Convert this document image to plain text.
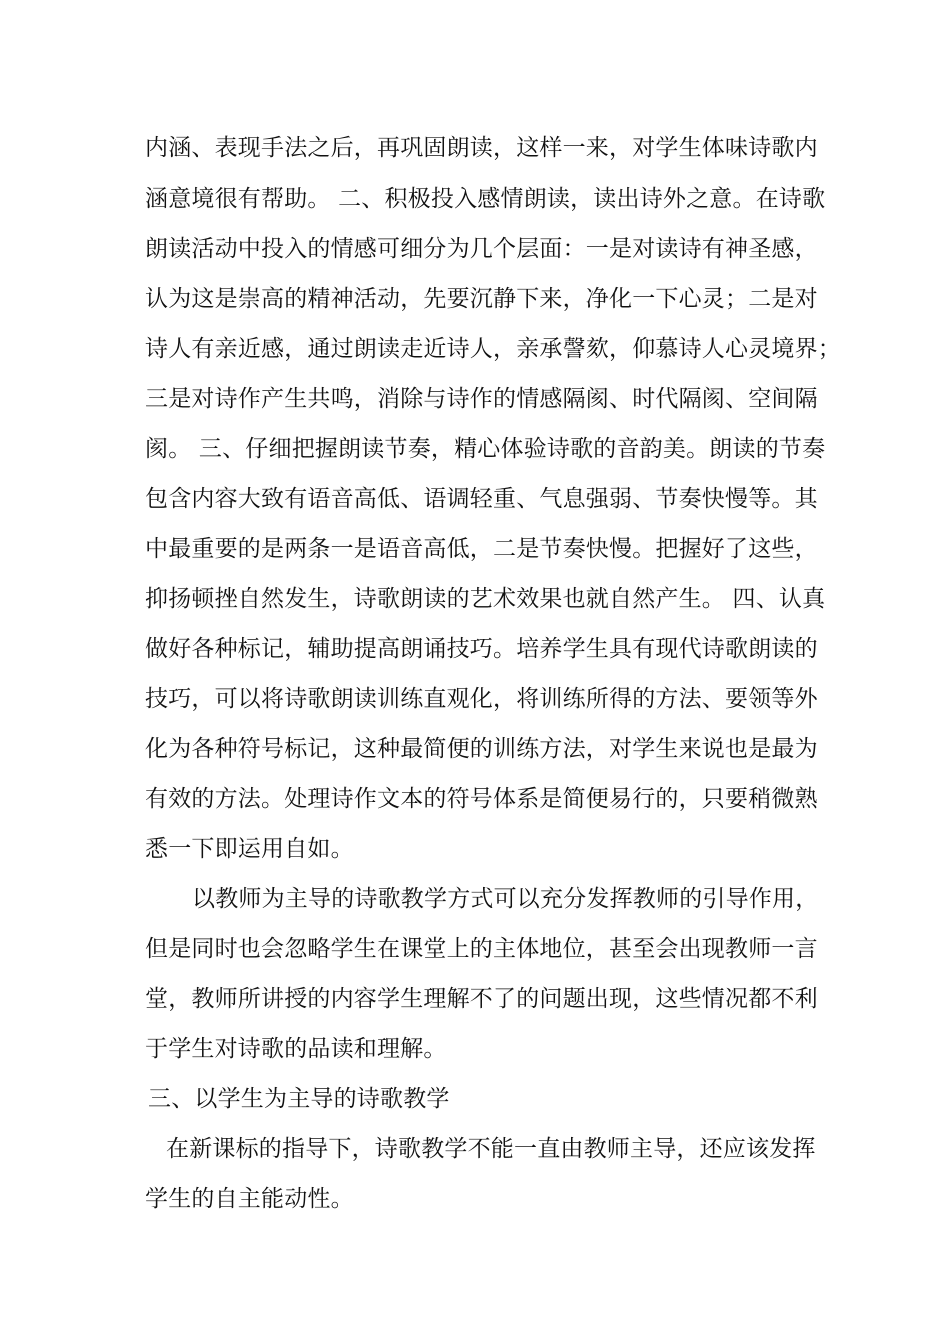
内涵、表现手法之后，再巩固朗读，这样一来，对学生体味诗歌内
涵意境很有帮助。 二、积极投入感情朗读，读出诗外之意。在诗歌
朗读活动中投入的情感可细分为几个层面：一是对读诗有神圣感，
认为这是崇高的精神活动，先要沉静下来，净化一下心灵；二是对
诗人有亲近感，通过朗读走近诗人，亲承謦欬，仰慕诗人心灵境界；
三是对诗作产生共鸣，消除与诗作的情感隔阂、时代隔阂、空间隔
阂。 三、仔细把握朗读节奏，精心体验诗歌的音韵美。朗读的节奏
包含内容大致有语音高低、语调轻重、气息强弱、节奏快慢等。其
中最重要的是两条一是语音高低，二是节奏快慢。把握好了这些，
抑扬顿挫自然发生，诗歌朗读的艺术效果也就自然产生。 四、认真
做好各种标记，辅助提高朗诵技巧。培养学生具有现代诗歌朗读的
技巧，可以将诗歌朗读训练直观化，将训练所得的方法、要领等外
化为各种符号标记，这种最简便的训练方法，对学生来说也是最为
有效的方法。处理诗作文本的符号体系是简便易行的，只要稍微熟
悉一下即运用自如。
以教师为主导的诗歌教学方式可以充分发挥教师的引导作用，
但是同时也会忽略学生在课堂上的主体地位，甚至会出现教师一言
堂，教师所讲授的内容学生理解不了的问题出现，这些情况都不利
于学生对诗歌的品读和理解。
三、以学生为主导的诗歌教学
在新课标的指导下，诗歌教学不能一直由教师主导，还应该发挥
学生的自主能动性。
